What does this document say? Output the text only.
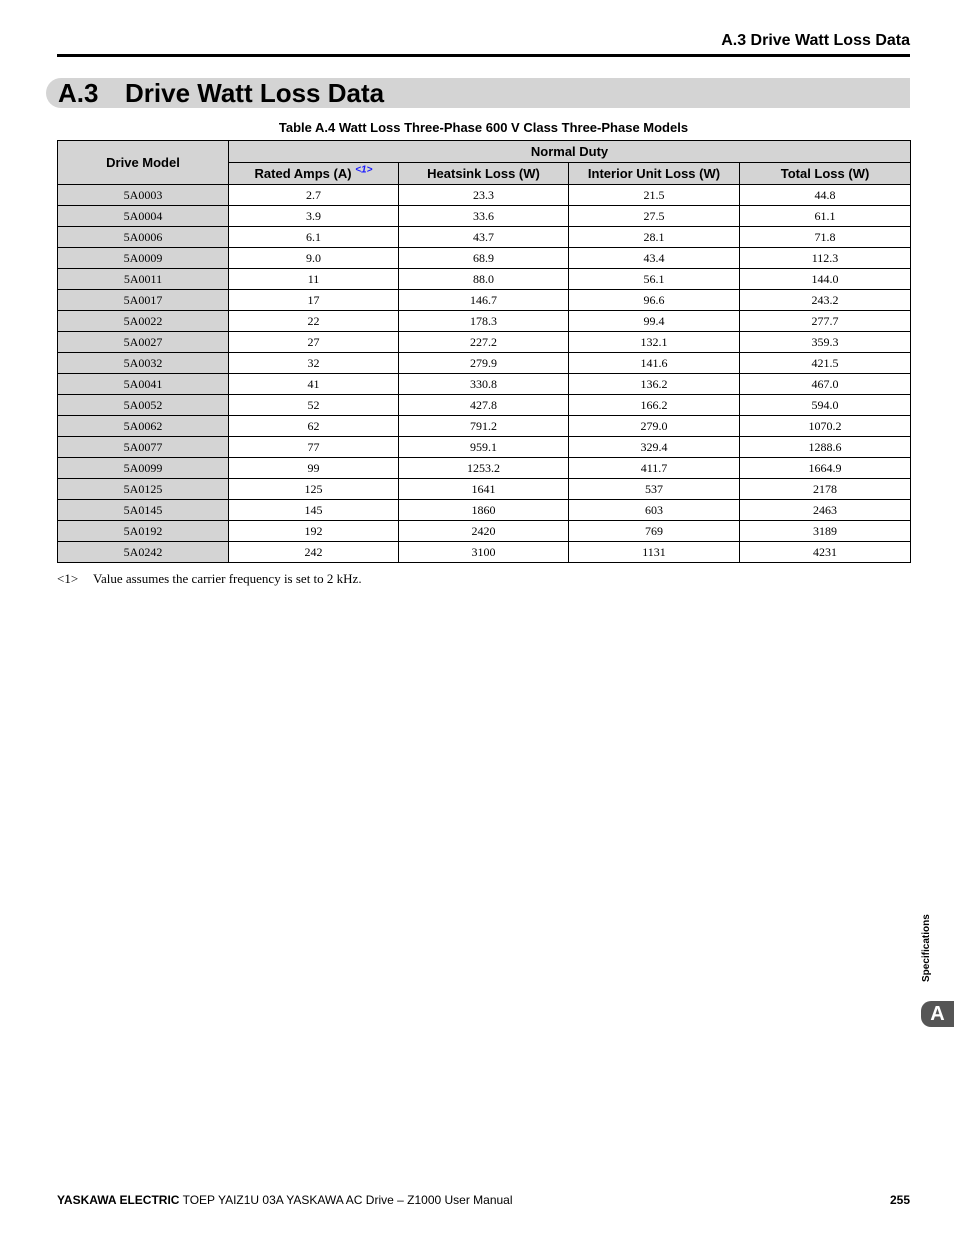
A.3 Drive Watt Loss Data
A.3 Drive Watt Loss Data
Table A.4 Watt Loss Three-Phase 600 V Class Three-Phase Models
Drive Model	Normal Duty			
	Rated Amps (A) $^{<1>}$	Heatsink Loss (W)	Interior Unit Loss (W)	Total Loss (W)
5A0003	2.7	23.3	21.5	44.8
5A0004	3.9	33.6	27.5	61.1
5A0006	6.1	43.7	28.1	71.8
5A0009	9.0	68.9	43.4	112.3
5A0011	11	88.0	56.1	144.0
5A0017	17	146.7	96.6	243.2
5A0022	22	178.3	99.4	277.7
5A0027	27	227.2	132.1	359.3
5A0032	32	279.9	141.6	421.5
5A0041	41	330.8	136.2	467.0
5A0052	52	427.8	166.2	594.0
5A0062	62	791.2	279.0	1070.2
5A0077	77	959.1	329.4	1288.6
5A0099	99	1253.2	411.7	1664.9
5A0125	125	1641	537	2178
5A0145	145	1860	603	2463
5A0192	192	2420	769	3189
5A0242	242	3100	1131	4231
<1> Value assumes the carrier frequency is set to 2 kHz.
Specifications
A
YASKAWA ELECTRIC TOEP YAIZ1U 03A YASKAWA AC Drive – Z1000 User Manual	255
